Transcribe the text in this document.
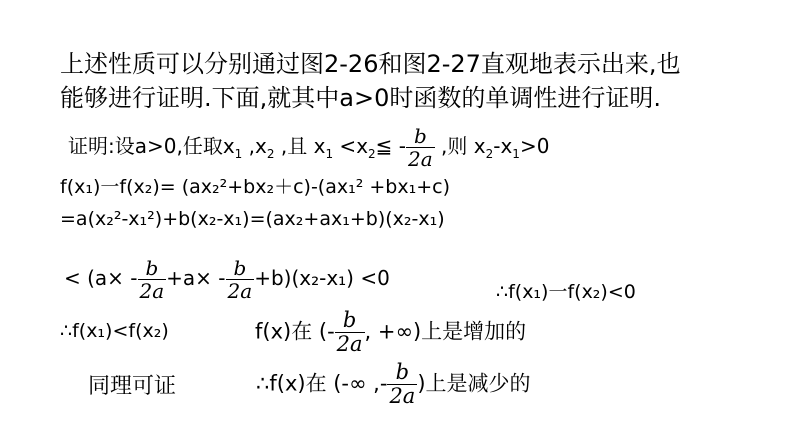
上述性质可以分别通过图2-26和图2-27直观地表示出来,也
能够进行证明.下面,就其中a>0时函数的单调性进行证明.
证明:设a>0,任取$x_1$ $,x_2$ ,且 $x_1$ $<x_2≦ - \frac{b}{2a}$ ,则 $x_2-x_1>0$
f(x₁)一f(x₂)= (ax₂²+bx₂＋c)-(ax₁² +bx₁+c)
=a(x₂²-x₁²)+b(x₂-x₁)=(ax₂+ax₁+b)(x₂-x₁)
< $(a\times - \frac{b}{2a} +a\times - \frac{b}{2a} +b)(x_2-x_1) <0$
∴f(x₁)一f(x₂)<0
∴f(x₁)<f(x₂)	f(x)在 (- $\frac{b}{2a}$ , +∞)上是增加的
同理可证	∴f(x)在 (-∞ ,- $\frac{b}{2a}$ )上是减少的
